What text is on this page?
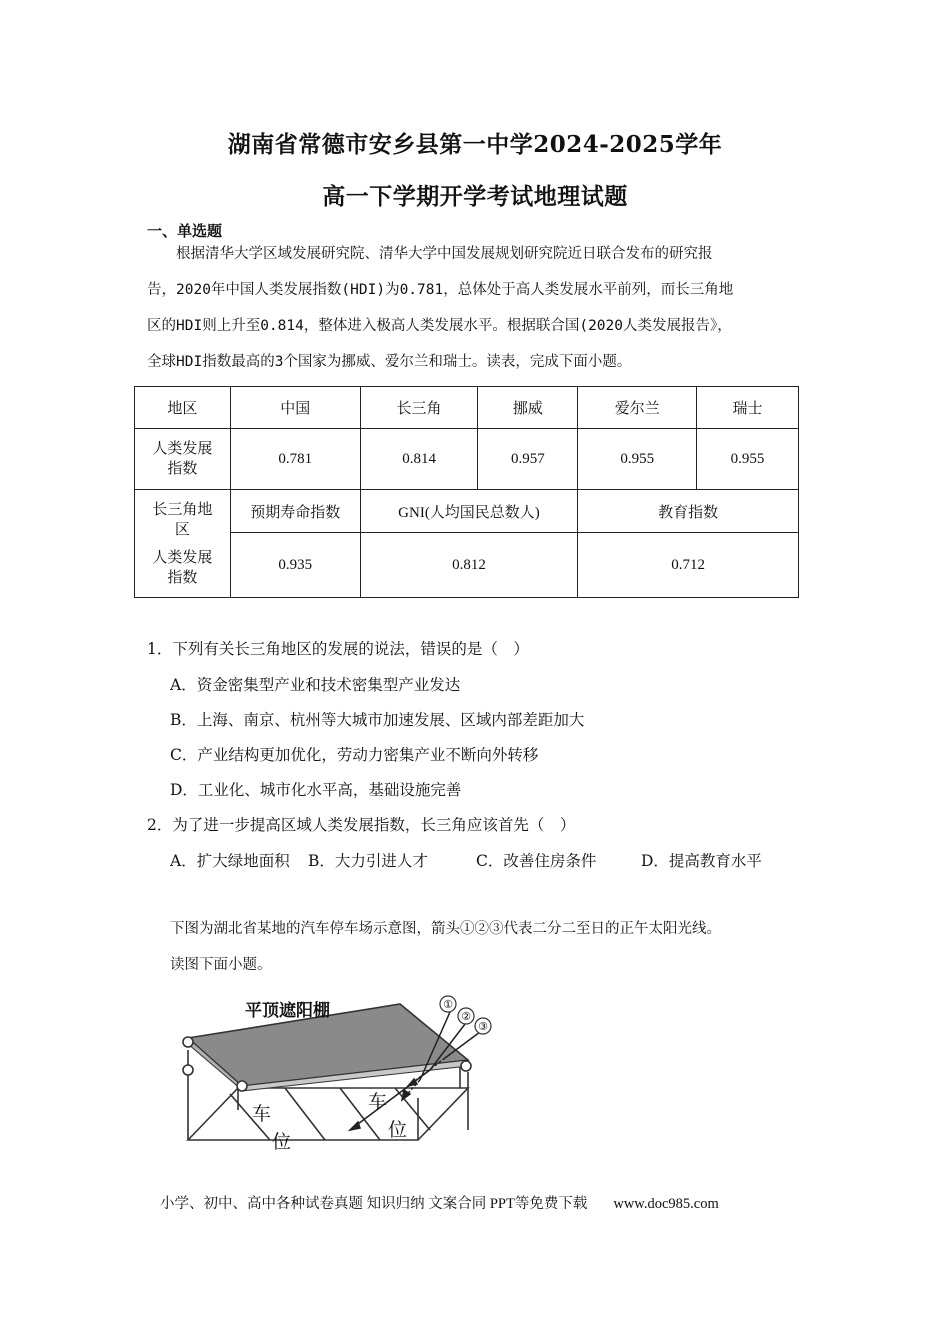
湖南省常德市安乡县第一中学2024-2025学年
高一下学期开学考试地理试题
一、单选题
　　根据清华大学区域发展研究院、清华大学中国发展规划研究院近日联合发布的研究报
告，2020年中国人类发展指数(HDI)为0.781，总体处于高人类发展水平前列，而长三角地
区的HDI则上升至0.814，整体进入极高人类发展水平。根据联合国(2020人类发展报告》，
全球HDI指数最高的3个国家为挪威、爱尔兰和瑞士。读表，完成下面小题。
地区	中国	长三角	挪威	爱尔兰	瑞士
人类发展指数	0.781	0.814	0.957	0.955	0.955

长三角地区
人类发展指数	预期寿命指数	GNI(人均国民总数人)		教育指数	
	0.935	0.812		0.712	
1．下列有关长三角地区的发展的说法，错误的是（　）
A．资金密集型产业和技术密集型产业发达
B．上海、南京、杭州等大城市加速发展、区域内部差距加大
C．产业结构更加优化，劳动力密集产业不断向外转移
D．工业化、城市化水平高，基础设施完善
2．为了进一步提高区域人类发展指数，长三角应该首先（　）
A．扩大绿地面积 B．大力引进人才	C．改善住房条件	D．提高教育水平
下图为湖北省某地的汽车停车场示意图，箭头①②③代表二分二至日的正午太阳光线。
读图下面小题。
①
②
③
平顶遮阳棚
车
位
车
位
小学、初中、高中各种试卷真题 知识归纳 文案合同 PPT等免费下载 www.doc985.com
